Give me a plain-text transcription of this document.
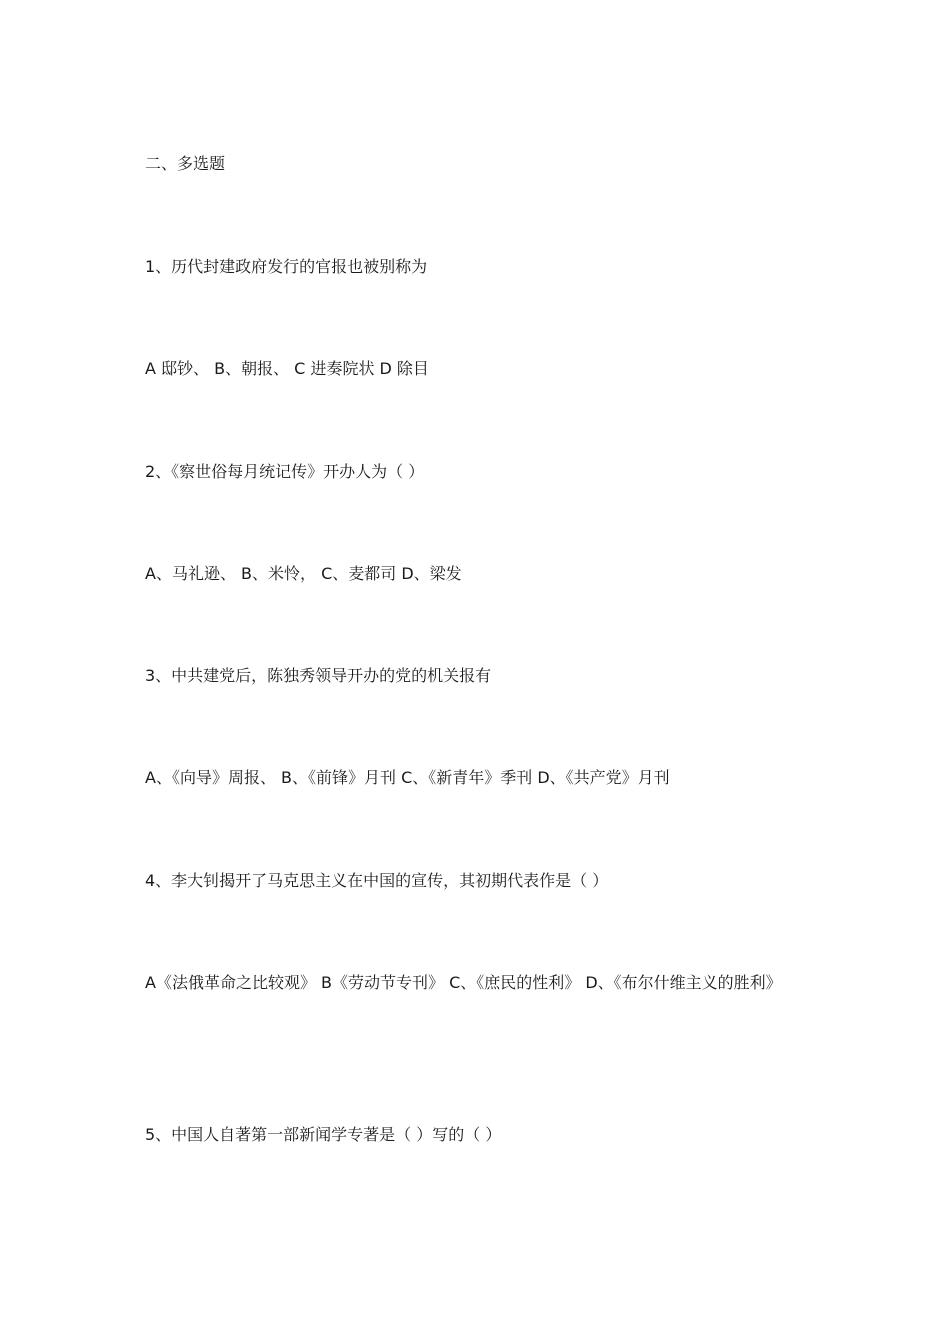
二、多选题
1、历代封建政府发行的官报也被别称为
A 邸钞、 B、朝报、 C 进奏院状 D 除目
2、《察世俗每月统记传》开办人为（ ）
A、马礼逊、 B、米怜， C、麦都司 D、梁发
3、中共建党后，陈独秀领导开办的党的机关报有
A、《向导》周报、 B、《前锋》月刊 C、《新青年》季刊 D、《共产党》月刊
4、李大钊揭开了马克思主义在中国的宣传，其初期代表作是（ ）
A《法俄革命之比较观》 B《劳动节专刊》 C、《庶民的性利》 D、《布尔什维主义的胜利》
5、中国人自著第一部新闻学专著是（ ）写的（ ）
